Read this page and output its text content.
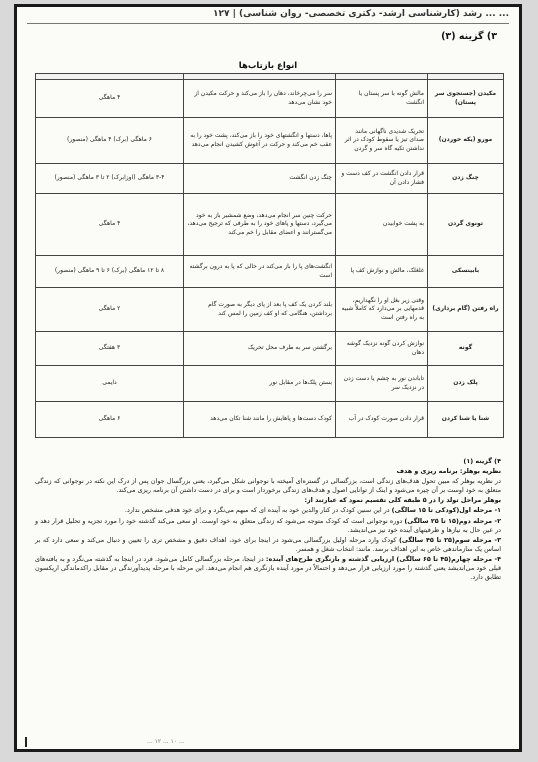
... ... رشد (کارشناسی ارشد- دکتری تخصصی- روان شناسی) | ۱۲۷
۳) گزینه (۳)
انواع بازتاب‌ها

مکیدن (جستجوی سر پستان)	مالش گونه با سر پستان یا انگشت	سر را می‌چرخاند، دهان را باز می‌کند و حرکت مکیدن از خود نشان می‌دهد	۴ ماهگی
مورو (یکه خوردن)	تحریک شدیدی ناگهانی مانند صدای تیز یا سقوط کودک در اثر نداشتن تکیه گاه سر و گردن	پاها، دستها و انگشتهای خود را باز می‌کند، پشت خود را به عقب خم می‌کند و حرکت در آغوش کشیدن انجام می‌دهد	۶ ماهگی (برک) ۴ ماهگی (منصور)
چنگ زدن	قرار دادن انگشت در کف دست و فشار دادن آن	چنگ زدن انگشت	۳-۴ ماهگی (اوزابرک) ۲ تا ۳ ماهگی (منصور)
تونوی گردن	به پشت خوابیدن	حرکت چنین سر انجام می‌دهد، وضع شمشیر باز به خود می‌گیرد، دستها و پاهای خود را به طرفی که ترجیح می‌دهد، می‌گسترانند و اعضای مقابل را خم می‌کند	۴ ماهگی
بابینسکی	غلغلک، مالش و نوازش کف پا	انگشت‌های پا را باز می‌کند در حالی که پا به درون برگشته است	۸ تا ۱۲ ماهگی (برک) ۶ تا ۹ ماهگی (منصور)
راه رفتن (گام برداری)	وقتی زیر بغل او را نگهداریم، قدمهایی بر می‌دارد که کاملاً شبیه به راه رفتن است	بلند کردن یک کف پا بعد از پای دیگر به صورت گام برداشتن، هنگامی که او کف زمین را لمس کند	۲ ماهگی
گونه	نوازش کردن گونه نزدیک گوشه دهان	برگشتن سر به طرف محل تحریک	۳ هفتگی
پلک زدن	تاباندن نور به چشم یا دست زدن در نزدیک سر	بستن پلک‌ها در مقابل نور	دایمی
شنا یا شنا کردن	قرار دادن صورت کودک در آب	کودک دست‌ها و پاهایش را مانند شنا تکان می‌دهد	۶ ماهگی

۴) گزینه (۱)

نظریه بوهلر: برنامه ریزی و هدف

در نظریه بوهلر که مبین تحول هدف‌های زندگی است، بزرگسالی در گستره‌ای آمیخته با نوجوانی شکل می‌گیرد، یعنی بزرگسال جوان پس از درک این نکته در نوجوانی که زندگی متعلق به خود اوست بر آن چیره می‌شود و اینک از توانایی اصول و هدف‌های زندگی برخوردار است و برای در دست داشتن آن برنامه ریزی می‌کند.

بوهلر مراحل تولد را در ۵ طبقه کلی تقسیم نمود که عبارتند از:

۱- مرحله اول(کودکی تا ۱۵ سالگی) در این سنین کودک در کنار والدین خود به آینده ای که مبهم می‌نگرد و برای خود هدفی مشخص ندارد.

۲- مرحله دوم(۱۵ تا ۲۵ سالگی) دوره نوجوانی است که کودک متوجه می‌شود که زندگی متعلق به خود اوست. او سعی می‌کند گذشته خود را مورد تجزیه و تحلیل قرار دهد و در عین حال به نیازها و ظرفیتهای آینده خود نیز می‌اندیشد.

۳- مرحله سوم(۲۵ تا ۴۵ سالگی) کودک وارد مرحله اولیل بزرگسالی می‌شود در اینجا برای خود، اهداف دقیق و مشخص تری را تعیین و دنبال می‌کند و سعی دارد که بر اساس یک سازماندهی خاص به این اهداف برسد. مانند: انتخاب شغل و همسر.

۴- مرحله چهارم(۴۵ تا ۶۵ سالگی) ارزیابی گذشته و بازنگری طرح‌های آینده: در اینجا، مرحله بزرگسالی کامل می‌شود. فرد در اینجا به گذشته می‌نگرد و به یافته‌های قبلی خود می‌اندیشد یعنی گذشته را مورد ارزیابی قرار می‌دهد و احتمالاً در مورد آینده بازنگری هم انجام می‌دهد. این مرحله با مرحله پدیدآورندگی در مقابل راکدماندگی اریکسون تطابق دارد.

... ۱۲ ... ۱۰ ...
